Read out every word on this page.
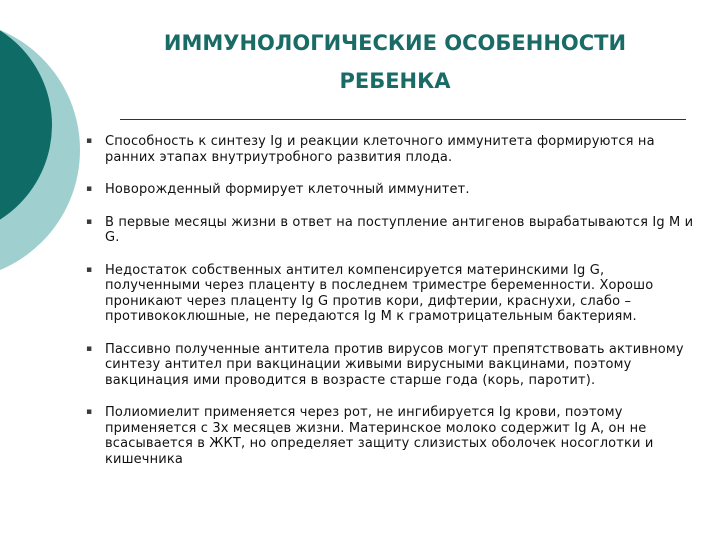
ИММУНОЛОГИЧЕСКИЕ ОСОБЕННОСТИ
РЕБЕНКА
▪ Способность к синтезу Ig и реакции клеточного иммунитета формируются на ранних этапах внутриутробного развития плода.
▪ Новорожденный формирует клеточный иммунитет.
▪ В первые месяцы жизни в ответ на поступление антигенов вырабатываются Ig M и G.
▪ Недостаток собственных антител компенсируется материнскими Ig G, полученными через плаценту в последнем триместре беременности. Хорошо проникают через плаценту Ig G против кори, дифтерии, краснухи, слабо – противококлюшные, не передаются Ig M к грамотрицательным бактериям.
▪ Пассивно полученные антитела против вирусов могут препятствовать активному синтезу антител при вакцинации живыми вирусными вакцинами, поэтому вакцинация ими проводится в возрасте старше года (корь, паротит).
▪ Полиомиелит применяется через рот, не ингибируется Ig крови, поэтому применяется с 3х месяцев жизни. Материнское молоко содержит Ig A, он не всасывается в ЖКТ, но определяет защиту слизистых оболочек носоглотки и кишечника
